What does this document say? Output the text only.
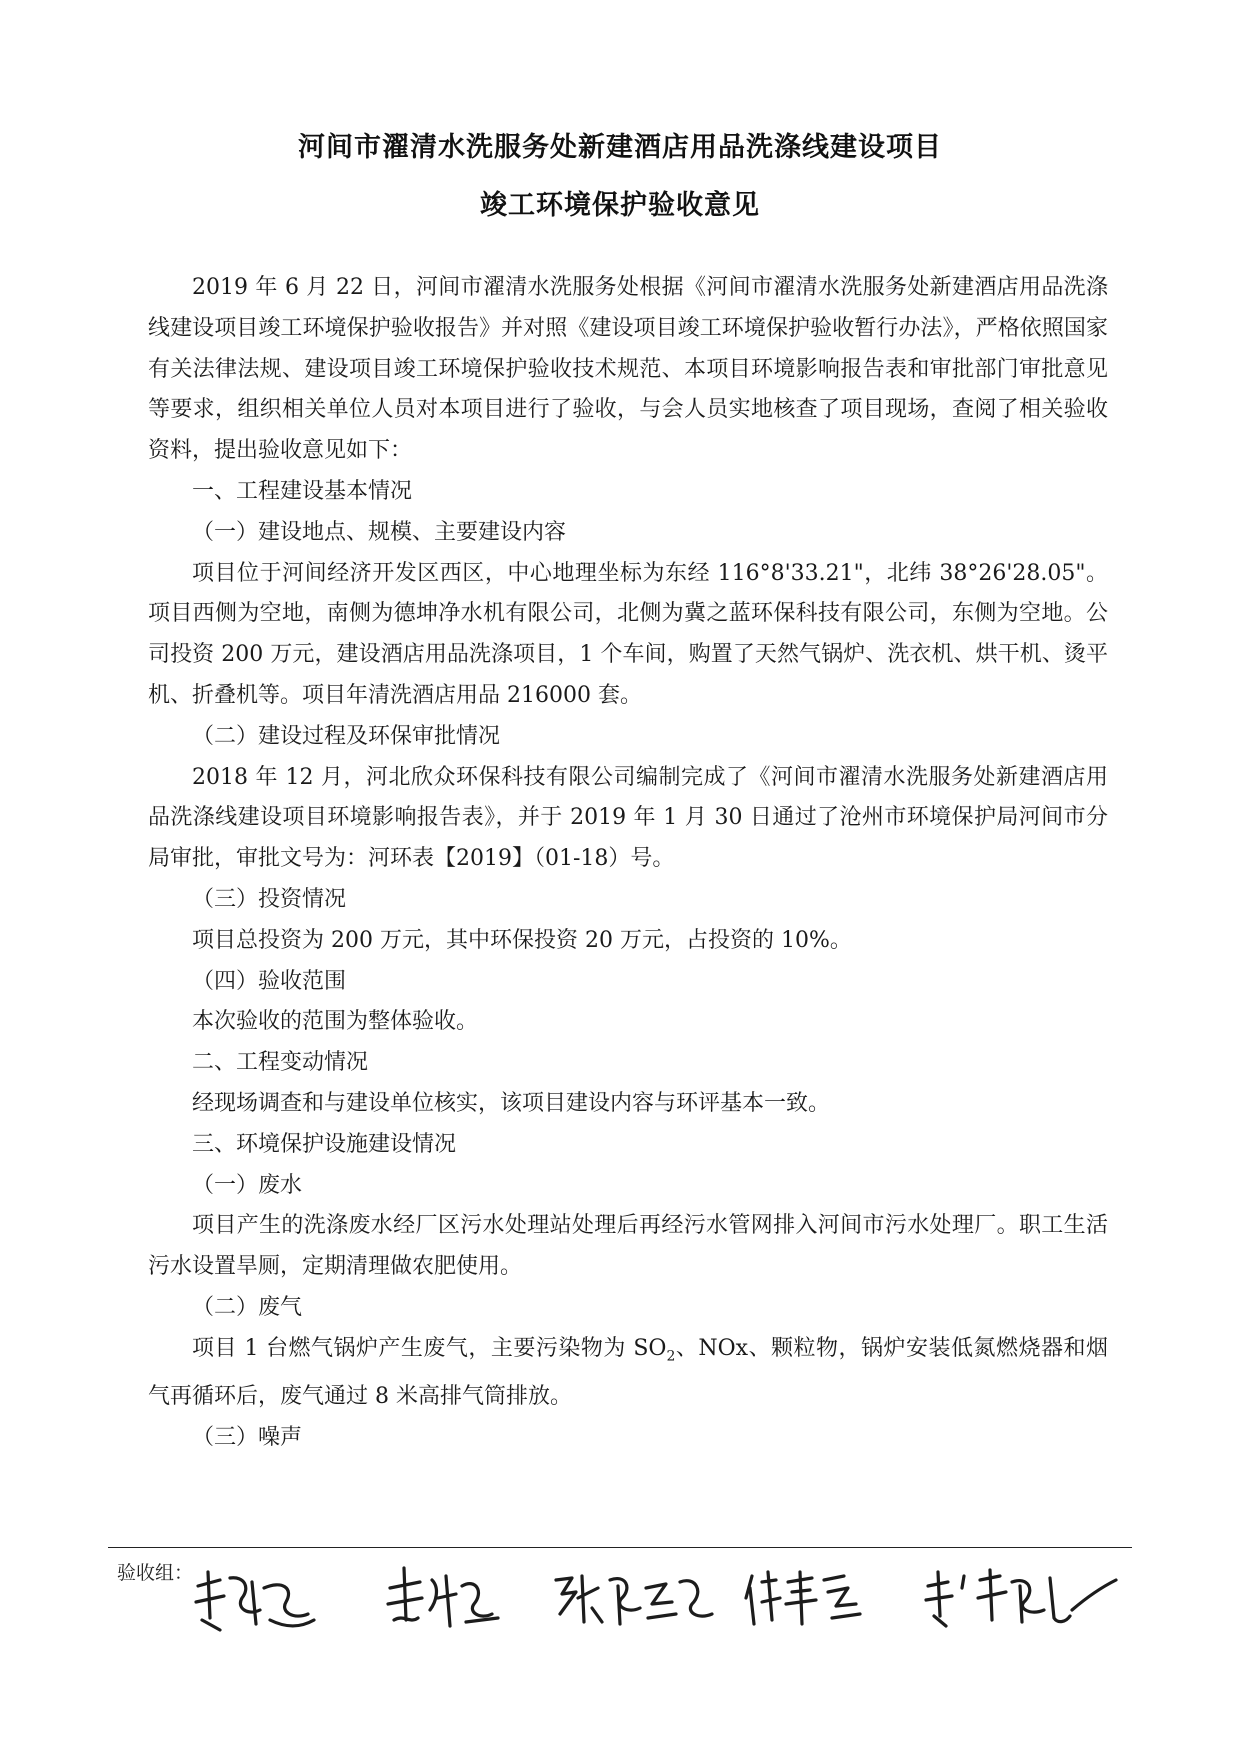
河间市濯清水洗服务处新建酒店用品洗涤线建设项目
竣工环境保护验收意见

2019 年 6 月 22 日，河间市濯清水洗服务处根据《河间市濯清水洗服务处新建酒店用品洗涤线建设项目竣工环境保护验收报告》并对照《建设项目竣工环境保护验收暂行办法》，严格依照国家有关法律法规、建设项目竣工环境保护验收技术规范、本项目环境影响报告表和审批部门审批意见等要求，组织相关单位人员对本项目进行了验收，与会人员实地核查了项目现场，查阅了相关验收资料，提出验收意见如下：

一、工程建设基本情况

（一）建设地点、规模、主要建设内容

项目位于河间经济开发区西区，中心地理坐标为东经 116°8'33.21"，北纬 38°26'28.05"。项目西侧为空地，南侧为德坤净水机有限公司，北侧为冀之蓝环保科技有限公司，东侧为空地。公司投资 200 万元，建设酒店用品洗涤项目，1 个车间，购置了天然气锅炉、洗衣机、烘干机、烫平机、折叠机等。项目年清洗酒店用品 216000 套。

（二）建设过程及环保审批情况

2018 年 12 月，河北欣众环保科技有限公司编制完成了《河间市濯清水洗服务处新建酒店用品洗涤线建设项目环境影响报告表》，并于 2019 年 1 月 30 日通过了沧州市环境保护局河间市分局审批，审批文号为：河环表【2019】（01-18）号。

（三）投资情况

项目总投资为 200 万元，其中环保投资 20 万元，占投资的 10%。

（四）验收范围

本次验收的范围为整体验收。

二、工程变动情况

经现场调查和与建设单位核实，该项目建设内容与环评基本一致。

三、环境保护设施建设情况

（一）废水

项目产生的洗涤废水经厂区污水处理站处理后再经污水管网排入河间市污水处理厂。职工生活污水设置旱厕，定期清理做农肥使用。

（二）废气

项目 1 台燃气锅炉产生废气，主要污染物为 $SO_2$、NOx、颗粒物，锅炉安装低氮燃烧器和烟气再循环后，废气通过 8 米高排气筒排放。

（三）噪声

验收组：
